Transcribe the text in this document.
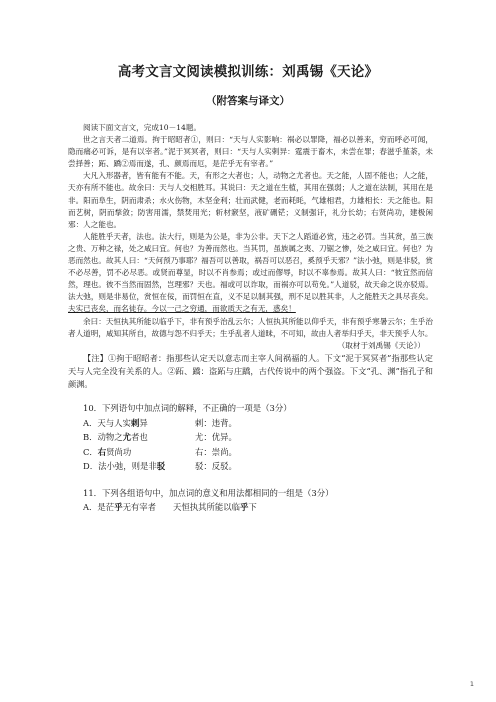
高考文言文阅读模拟训练：刘禹锡《天论》
（附答案与译文）

阅读下面文言文，完成10－14题。

世之言天者二道焉。拘于昭昭者①，则曰：“天与人实影响：祸必以罪降，福必以善来，穷而呼必可闻，隐而痛必可诉，是有以宰者。”泥于冥冥者，则曰：“天与人实剌异：霆震于畜木，未尝在罪；春滋乎堇荼，未尝择善；跖、蹻②焉而遂，孔、颜焉而厄，是茫乎无有宰者。”

大凡入形器者，皆有能有不能。天，有形之大者也；人，动物之尤者也。天之能，人固不能也；人之能，天亦有所不能也。故余曰：天与人交相胜耳。其说曰：天之道在生植，其用在强弱；人之道在法制，其用在是非。阳而阜生，阴而肃杀；水火伤物，木坚金利；壮而武健，老而耗眊，气雄相君，力雄相长：天之能也。阳而艺树，阴而揫敛；防害用濡，禁焚用光；斩材窾坚，液矿硎铓；义制强讦，礼分长幼；右贤尚功，建极闲邪：人之能也。

人能胜乎天者，法也。法大行，则是为公是，非为公非。天下之人蹈道必赏，违之必罚。当其赏，虽三族之贵、万种之禄，处之咸曰宜。何也？为善而然也。当其罚，虽族属之夷、刀锯之惨，处之咸曰宜。何也？为恶而然也。故其人曰：“天何预乃事耶？福吾可以善取，祸吾可以恶召，奚预乎天邪？”法小弛，则是非驳，赏不必尽善，罚不必尽恶。或贤而尊显，时以不肖参焉；或过而僇辱，时以不辜参焉。故其人曰：“彼宜然而信然，理也。彼不当然而固然，岂理邪？天也。福或可以诈取，而祸亦可以苟免。”人道驳，故天命之说亦驳焉。法大弛，则是非易位，赏恒在佞，而罚恒在直，义不足以制其强，刑不足以胜其非，人之能胜天之具尽丧矣。夫实已丧矣，而名徒存。今以一己之穷通，而欲质天之有无，惑矣！

余曰：天恒执其所能以临乎下，非有预乎治乱云尔；人恒执其所能以仰乎天，非有预乎寒暑云尔；生乎治者人道明，咸知其所自，故德与怨不归乎天；生乎乱者人道昧，不可知，故由人者举归乎天，非天预乎人尔。

（取材于刘禹锡《天论》）

【注】①拘于昭昭者：指那些认定天以意志而主宰人间祸福的人。下文“泥于冥冥者”指那些认定天与人完全没有关系的人。②跖、蹻：盗跖与庄蹻，古代传说中的两个强盗。下文“孔、渊”指孔子和颜渊。

10．下列语句中加点词的解释，不正确的一项是（3分）

A．天与人实剌异	剌：违背。
B．动物之尤者也	尤：优异。
C．右贤尚功	右：崇尚。
D．法小弛，则是非驳	驳：反驳。

11．下列各组语句中，加点词的意义和用法都相同的一组是（3分）

A．是茫乎无有宰者	天恒执其所能以临乎下
1
